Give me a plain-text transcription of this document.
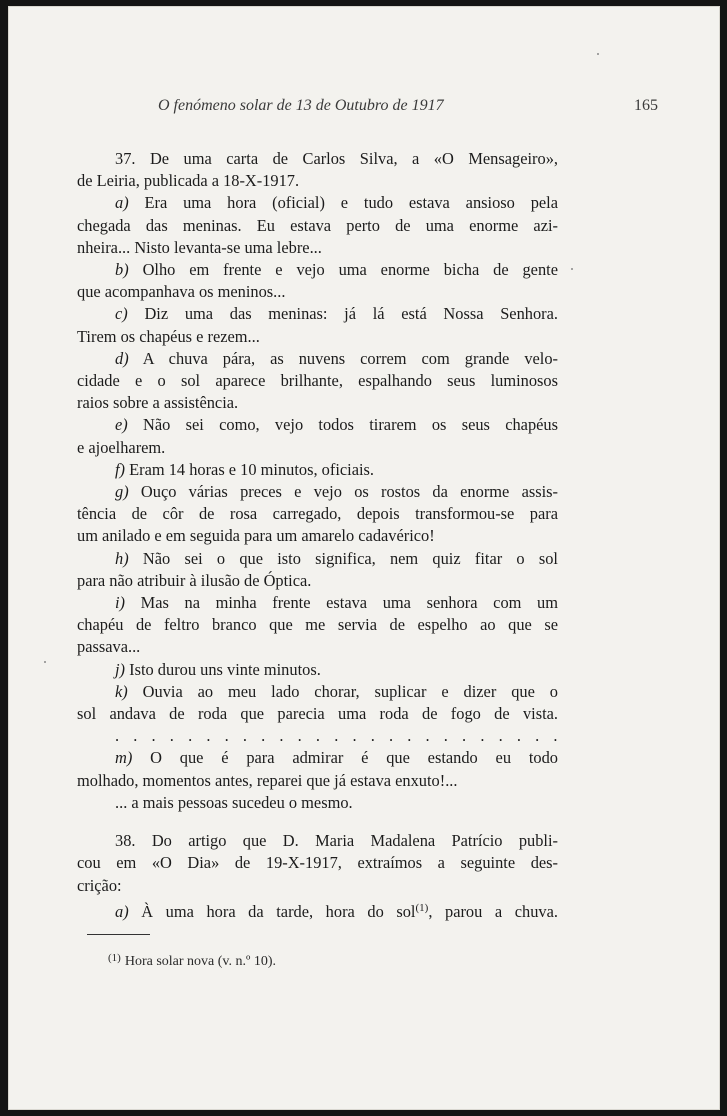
O fenómeno solar de 13 de Outubro de 1917	165
37. De uma carta de Carlos Silva, a «O Mensageiro»,
de Leiria, publicada a 18-X-1917.
a) Era uma hora (oficial) e tudo estava ansioso pela
chegada das meninas. Eu estava perto de uma enorme azi-
nheira... Nisto levanta-se uma lebre...
b) Olho em frente e vejo uma enorme bicha de gente
que acompanhava os meninos...
c) Diz uma das meninas: já lá está Nossa Senhora.
Tirem os chapéus e rezem...
d) A chuva pára, as nuvens correm com grande velo-
cidade e o sol aparece brilhante, espalhando seus luminosos
raios sobre a assistência.
e) Não sei como, vejo todos tirarem os seus chapéus
e ajoelharem.
f) Eram 14 horas e 10 minutos, oficiais.
g) Ouço várias preces e vejo os rostos da enorme assis-
tência de côr de rosa carregado, depois transformou-se para
um anilado e em seguida para um amarelo cadavérico!
h) Não sei o que isto significa, nem quiz fitar o sol
para não atribuir à ilusão de Óptica.
i) Mas na minha frente estava uma senhora com um
chapéu de feltro branco que me servia de espelho ao que se
passava...
j) Isto durou uns vinte minutos.
k) Ouvia ao meu lado chorar, suplicar e dizer que o
sol andava de roda que parecia uma roda de fogo de vista.
. . . . . . . . . . . . . . . . . . . . . . . . .
m) O que é para admirar é que estando eu todo
molhado, momentos antes, reparei que já estava enxuto!...
... a mais pessoas sucedeu o mesmo.
38. Do artigo que D. Maria Madalena Patrício publi-
cou em «O Dia» de 19-X-1917, extraímos a seguinte des-
crição:
a) À uma hora da tarde, hora do sol$^{(1)}$, parou a chuva.
$^{(1)}$ Hora solar nova (v. n.º 10).
